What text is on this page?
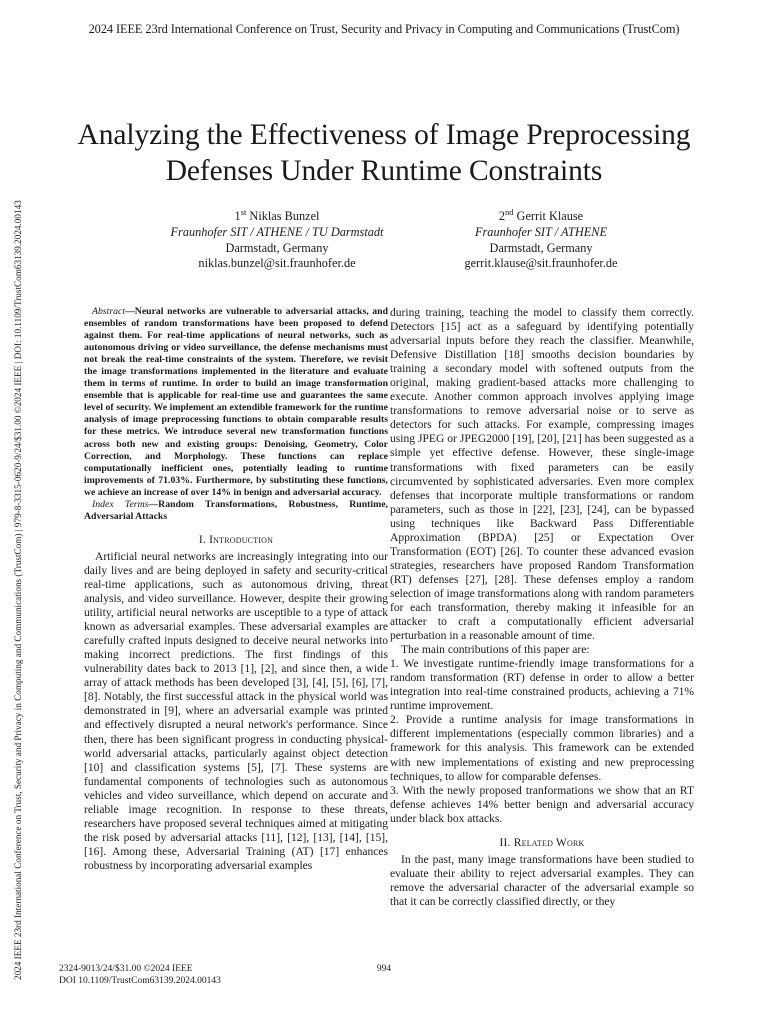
2024 IEEE 23rd International Conference on Trust, Security and Privacy in Computing and Communications (TrustCom)
2024 IEEE 23rd International Conference on Trust, Security and Privacy in Computing and Communications (TrustCom) | 979-8-3315-0620-9/24/$31.00 ©2024 IEEE | DOI: 10.1109/TrustCom63139.2024.00143
Analyzing the Effectiveness of Image Preprocessing
Defenses Under Runtime Constraints
1st Niklas Bunzel
Fraunhofer SIT / ATHENE / TU Darmstadt
Darmstadt, Germany
niklas.bunzel@sit.fraunhofer.de
2nd Gerrit Klause
Fraunhofer SIT / ATHENE
Darmstadt, Germany
gerrit.klause@sit.fraunhofer.de

Abstract—Neural networks are vulnerable to adversarial attacks, and ensembles of random transformations have been proposed to defend against them. For real-time applications of neural networks, such as autonomous driving or video surveillance, the defense mechanisms must not break the real-time constraints of the system. Therefore, we revisit the image transformations implemented in the literature and evaluate them in terms of runtime. In order to build an image transformation ensemble that is applicable for real-time use and guarantees the same level of security. We implement an extendible framework for the runtime analysis of image preprocessing functions to obtain comparable results for these metrics. We introduce several new transformation functions across both new and existing groups: Denoising, Geometry, Color Correction, and Morphology. These functions can replace computationally inefficient ones, potentially leading to runtime improvements of 71.03%. Furthermore, by substituting these functions, we achieve an increase of over 14% in benign and adversarial accuracy.

Index Terms—Random Transformations, Robustness, Runtime, Adversarial Attacks

I. Introduction

Artificial neural networks are increasingly integrating into our daily lives and are being deployed in safety and security-critical real-time applications, such as autonomous driving, threat analysis, and video surveillance. However, despite their growing utility, artificial neural networks are usceptible to a type of attack known as adversarial examples. These adversarial examples are carefully crafted inputs designed to deceive neural networks into making incorrect predictions. The first findings of this vulnerability dates back to 2013 [1], [2], and since then, a wide array of attack methods has been developed [3], [4], [5], [6], [7], [8]. Notably, the first successful attack in the physical world was demonstrated in [9], where an adversarial example was printed and effectively disrupted a neural network's performance. Since then, there has been significant progress in conducting physical-world adversarial attacks, particularly against object detection [10] and classification systems [5], [7]. These systems are fundamental components of technologies such as autonomous vehicles and video surveillance, which depend on accurate and reliable image recognition. In response to these threats, researchers have proposed several techniques aimed at mitigating the risk posed by adversarial attacks [11], [12], [13], [14], [15], [16]. Among these, Adversarial Training (AT) [17] enhances robustness by incorporating adversarial examples

during training, teaching the model to classify them correctly. Detectors [15] act as a safeguard by identifying potentially adversarial inputs before they reach the classifier. Meanwhile, Defensive Distillation [18] smooths decision boundaries by training a secondary model with softened outputs from the original, making gradient-based attacks more challenging to execute. Another common approach involves applying image transformations to remove adversarial noise or to serve as detectors for such attacks. For example, compressing images using JPEG or JPEG2000 [19], [20], [21] has been suggested as a simple yet effective defense. However, these single-image transformations with fixed parameters can be easily circumvented by sophisticated adversaries. Even more complex defenses that incorporate multiple transformations or random parameters, such as those in [22], [23], [24], can be bypassed using techniques like Backward Pass Differentiable Approximation (BPDA) [25] or Expectation Over Transformation (EOT) [26]. To counter these advanced evasion strategies, researchers have proposed Random Transformation (RT) defenses [27], [28]. These defenses employ a random selection of image transformations along with random parameters for each transformation, thereby making it infeasible for an attacker to craft a computationally efficient adversarial perturbation in a reasonable amount of time.

The main contributions of this paper are:

1. We investigate runtime-friendly image transformations for a random transformation (RT) defense in order to allow a better integration into real-time constrained products, achieving a 71% runtime improvement.

2. Provide a runtime analysis for image transformations in different implementations (especially common libraries) and a framework for this analysis. This framework can be extended with new implementations of existing and new preprocessing techniques, to allow for comparable defenses.

3. With the newly proposed tranformations we show that an RT defense achieves 14% better benign and adversarial accuracy under black box attacks.

II. Related Work

In the past, many image transformations have been studied to evaluate their ability to reject adversarial examples. They can remove the adversarial character of the adversarial example so that it can be correctly classified directly, or they

2324-9013/24/$31.00 ©2024 IEEE
DOI 10.1109/TrustCom63139.2024.00143
994
